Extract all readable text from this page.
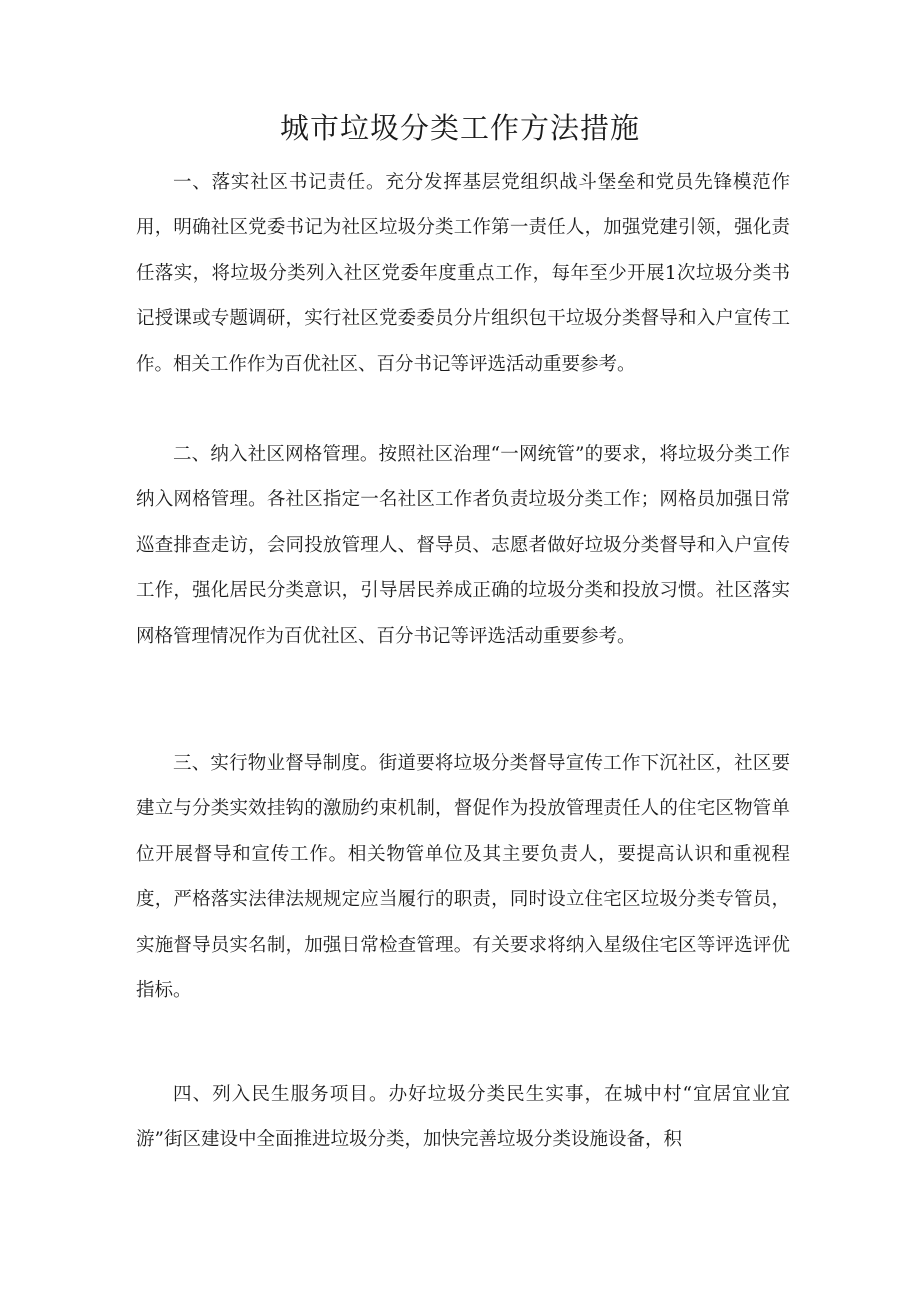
城市垃圾分类工作方法措施

一、落实社区书记责任。充分发挥基层党组织战斗堡垒和党员先锋模范作用，明确社区党委书记为社区垃圾分类工作第一责任人，加强党建引领，强化责任落实，将垃圾分类列入社区党委年度重点工作，每年至少开展1次垃圾分类书记授课或专题调研，实行社区党委委员分片组织包干垃圾分类督导和入户宣传工作。相关工作作为百优社区、百分书记等评选活动重要参考。

二、纳入社区网格管理。按照社区治理“一网统管”的要求，将垃圾分类工作纳入网格管理。各社区指定一名社区工作者负责垃圾分类工作；网格员加强日常巡查排查走访，会同投放管理人、督导员、志愿者做好垃圾分类督导和入户宣传工作，强化居民分类意识，引导居民养成正确的垃圾分类和投放习惯。社区落实网格管理情况作为百优社区、百分书记等评选活动重要参考。

三、实行物业督导制度。街道要将垃圾分类督导宣传工作下沉社区，社区要建立与分类实效挂钩的激励约束机制，督促作为投放管理责任人的住宅区物管单位开展督导和宣传工作。相关物管单位及其主要负责人，要提高认识和重视程度，严格落实法律法规规定应当履行的职责，同时设立住宅区垃圾分类专管员，实施督导员实名制，加强日常检查管理。有关要求将纳入星级住宅区等评选评优指标。

四、列入民生服务项目。办好垃圾分类民生实事，在城中村“宜居宜业宜游”街区建设中全面推进垃圾分类，加快完善垃圾分类设施设备，积
